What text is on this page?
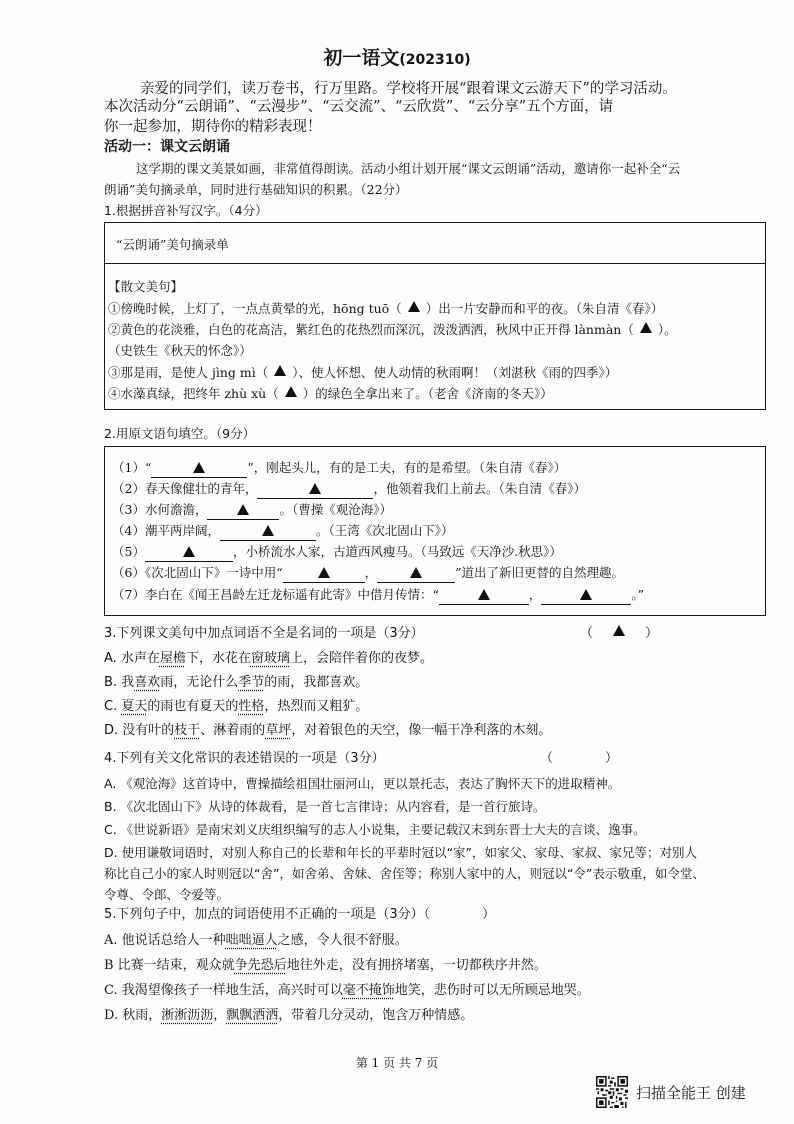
初一语文(202310)
亲爱的同学们，读万卷书，行万里路。学校将开展“跟着课文云游天下”的学习活动。
本次活动分“云朗诵”、“云漫步”、“云交流”、“云欣赏”、“云分享”五个方面，请
你一起参加，期待你的精彩表现！
活动一：课文云朗诵
这学期的课文美景如画，非常值得朗读。活动小组计划开展“课文云朗诵”活动，邀请你一起补全“云
朗诵”美句摘录单，同时进行基础知识的积累。（22分）
1.根据拼音补写汉字。（4分）
“云朗诵”美句摘录单
【散文美句】
①傍晚时候，上灯了，一点点黄晕的光，hōng tuō（ ）出一片安静而和平的夜。（朱自清《春》）
②黄色的花淡雅，白色的花高洁，紫红色的花热烈而深沉，泼泼洒洒，秋风中正开得 lànmàn（ ）。
（史铁生《秋天的怀念》）
③那是雨，是使人 jìng mì（ ）、使人怀想、使人动情的秋雨啊！（刘湛秋《雨的四季》）
④水藻真绿，把终年 zhù xù（ ）的绿色全拿出来了。（老舍《济南的冬天》）
2.用原文语句填空。（9分）
（1）“	”，刚起头儿，有的是工夫，有的是希望。（朱自清《春》）
（2）春天像健壮的青年，	，他领着我们上前去。（朱自清《春》）
（3）水何澹澹，	。（曹操《观沧海》）
（4）潮平两岸阔，	。（王湾《次北固山下》）
（5）	，小桥流水人家，古道西风瘦马。（马致远《天净沙.秋思》）
（6）《次北固山下》一诗中用“	，	”道出了新旧更替的自然理趣。
（7）李白在《闻王昌龄左迁龙标遥有此寄》中借月传情：“	，	。”
3.下列课文美句中加点词语不全是名词的一项是（3分）	（	）
A. 水声在屋檐下，水花在窗玻璃上，会陪伴着你的夜梦。
B. 我喜欢雨，无论什么季节的雨，我都喜欢。
C. 夏天的雨也有夏天的性格，热烈而又粗犷。
D. 没有叶的枝干、淋着雨的草坪，对着银色的天空，像一幅干净利落的木刻。
4.下列有关文化常识的表述错误的一项是（3分）	（　　　　）
A. 《观沧海》这首诗中，曹操描绘祖国壮丽河山，更以景托志，表达了胸怀天下的进取精神。
B. 《次北固山下》从诗的体裁看，是一首七言律诗；从内容看，是一首行旅诗。
C. 《世说新语》是南宋刘义庆组织编写的志人小说集，主要记载汉末到东晋士大夫的言谈、逸事。
D. 使用谦敬词语时，对别人称自己的长辈和年长的平辈时冠以“家”，如家父、家母、家叔、家兄等；对别人
称比自己小的家人时则冠以“舍”，如舍弟、舍妹、舍侄等；称别人家中的人，则冠以“令”表示敬重，如令堂、
令尊、令郎、令爱等。
5.下列句子中，加点的词语使用不正确的一项是（3分）（　　　　）
A. 他说话总给人一种咄咄逼人之感，令人很不舒服。
B 比赛一结束，观众就争先恐后地往外走，没有拥挤堵塞，一切都秩序井然。
C. 我渴望像孩子一样地生活，高兴时可以毫不掩饰地笑，悲伤时可以无所顾忌地哭。
D. 秋雨，淅淅沥沥，飘飘洒洒，带着几分灵动，饱含万种情感。
第 1 页 共 7 页
扫描全能王 创建
